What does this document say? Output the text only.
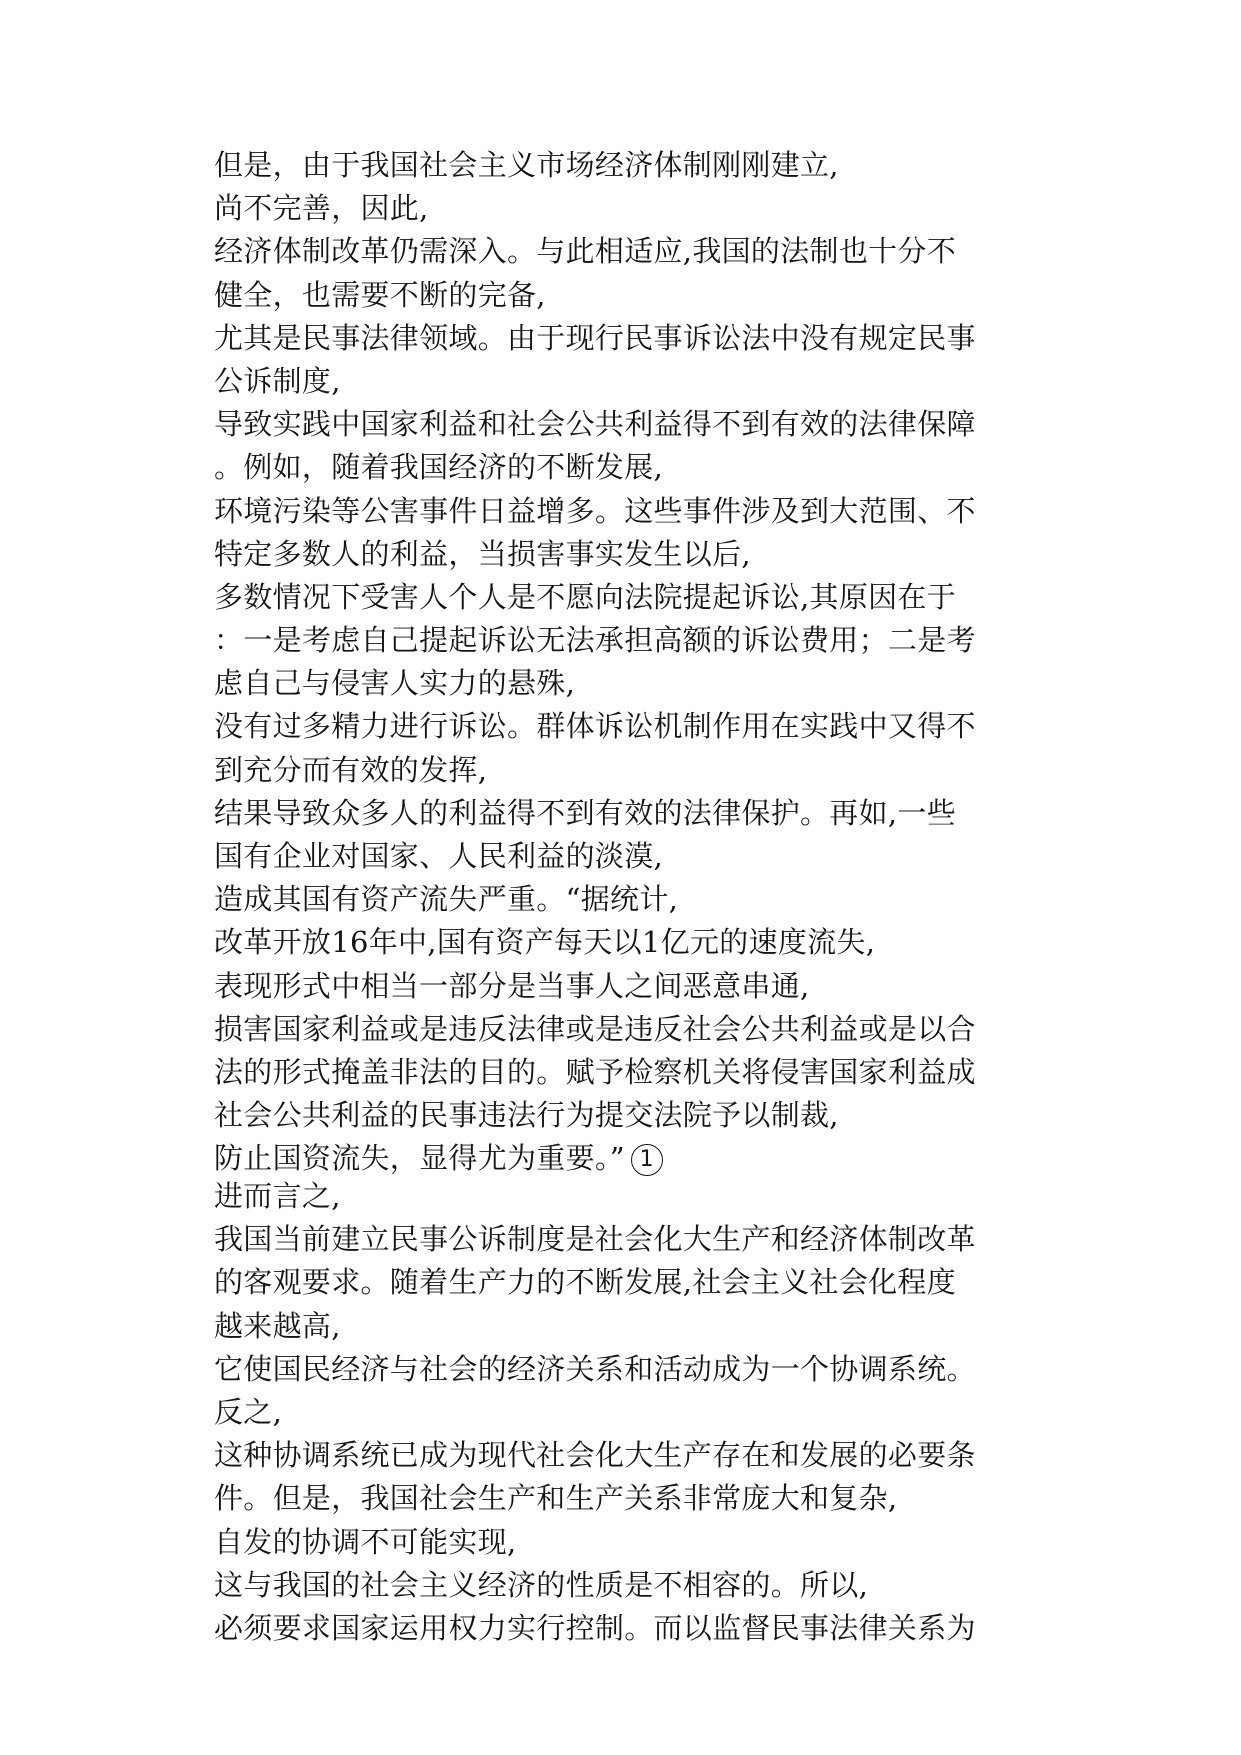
但是，由于我国社会主义市场经济体制刚刚建立,
尚不完善，因此,
经济体制改革仍需深入。与此相适应,我国的法制也十分不
健全，也需要不断的完备,
尤其是民事法律领域。由于现行民事诉讼法中没有规定民事
公诉制度,
导致实践中国家利益和社会公共利益得不到有效的法律保障
。例如，随着我国经济的不断发展,
环境污染等公害事件日益增多。这些事件涉及到大范围、不
特定多数人的利益，当损害事实发生以后,
多数情况下受害人个人是不愿向法院提起诉讼,其原因在于
：一是考虑自己提起诉讼无法承担高额的诉讼费用；二是考
虑自己与侵害人实力的悬殊,
没有过多精力进行诉讼。群体诉讼机制作用在实践中又得不
到充分而有效的发挥,
结果导致众多人的利益得不到有效的法律保护。再如,一些
国有企业对国家、人民利益的淡漠,
造成其国有资产流失严重。“据统计,
改革开放16年中,国有资产每天以1亿元的速度流失,
表现形式中相当一部分是当事人之间恶意串通,
损害国家利益或是违反法律或是违反社会公共利益或是以合
法的形式掩盖非法的目的。赋予检察机关将侵害国家利益成
社会公共利益的民事违法行为提交法院予以制裁,
防止国资流失，显得尤为重要。” 1
进而言之,
我国当前建立民事公诉制度是社会化大生产和经济体制改革
的客观要求。随着生产力的不断发展,社会主义社会化程度
越来越高,
它使国民经济与社会的经济关系和活动成为一个协调系统。
反之,
这种协调系统已成为现代社会化大生产存在和发展的必要条
件。但是，我国社会生产和生产关系非常庞大和复杂,
自发的协调不可能实现,
这与我国的社会主义经济的性质是不相容的。所以,
必须要求国家运用权力实行控制。而以监督民事法律关系为
